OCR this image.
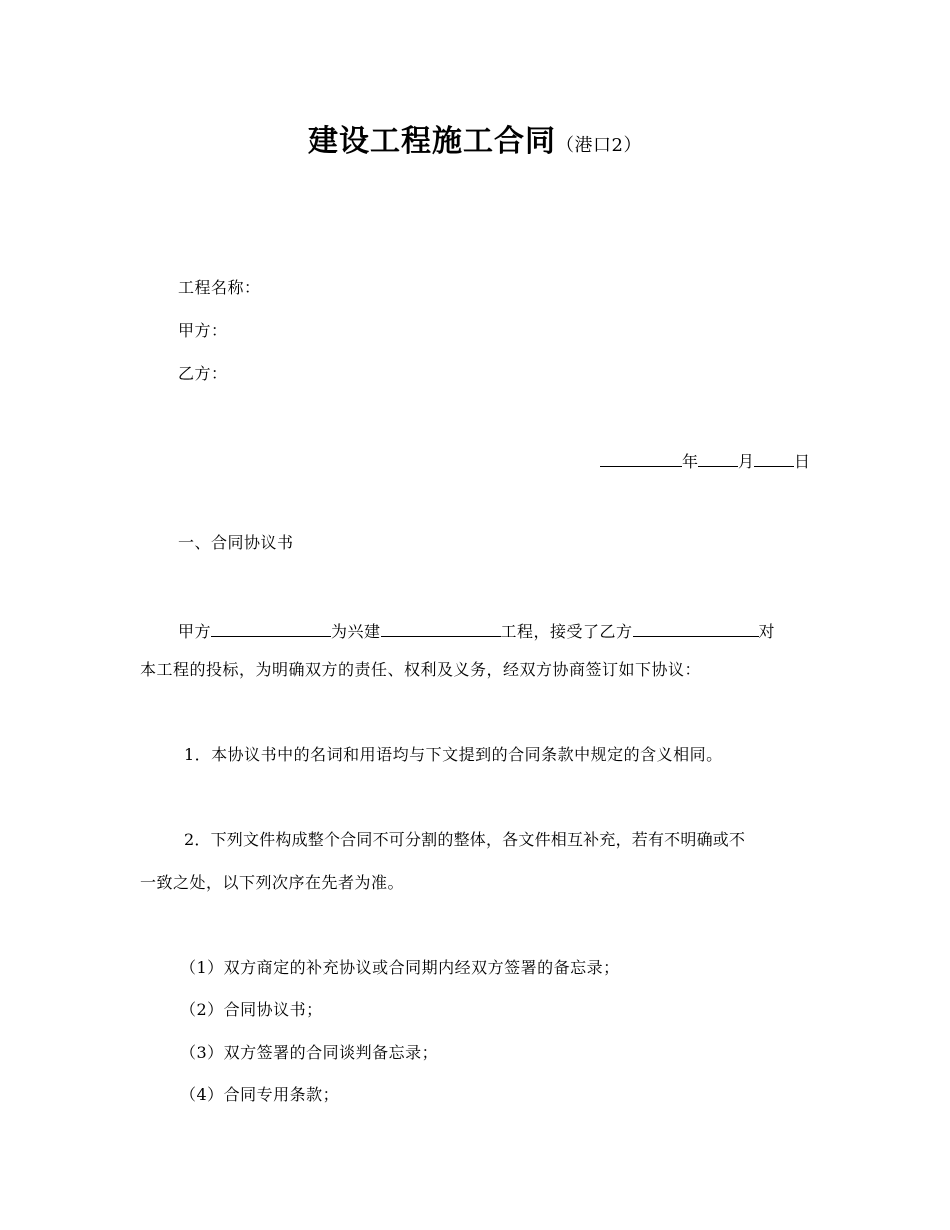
建设工程施工合同（港口2）
工程名称：
甲方：
乙方：
年	月	日
一、合同协议书
甲方	为兴建	工程，接受了乙方	对
本工程的投标，为明确双方的责任、权利及义务，经双方协商签订如下协议：
1．本协议书中的名词和用语均与下文提到的合同条款中规定的含义相同。
2．下列文件构成整个合同不可分割的整体，各文件相互补充，若有不明确或不
一致之处，以下列次序在先者为准。
（1）双方商定的补充协议或合同期内经双方签署的备忘录；
（2）合同协议书；
（3）双方签署的合同谈判备忘录；
（4）合同专用条款；
